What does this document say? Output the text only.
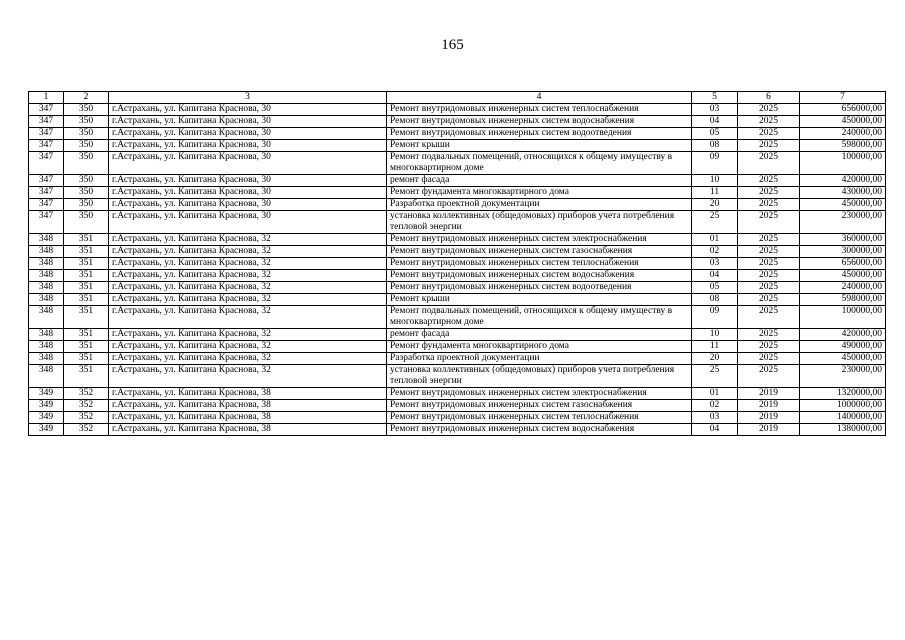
165
1	2	3	4	5	6	7
347	350	г.Астрахань, ул. Капитана Краснова, 30	Ремонт внутридомовых инженерных систем теплоснабжения	03	2025	656000,00
347	350	г.Астрахань, ул. Капитана Краснова, 30	Ремонт внутридомовых инженерных систем водоснабжения	04	2025	450000,00
347	350	г.Астрахань, ул. Капитана Краснова, 30	Ремонт внутридомовых инженерных систем водоотведения	05	2025	240000,00
347	350	г.Астрахань, ул. Капитана Краснова, 30	Ремонт крыши	08	2025	598000,00
347	350	г.Астрахань, ул. Капитана Краснова, 30	Ремонт подвальных помещений, относящихся к общему имуществу в многоквартирном доме	09	2025	100000,00
347	350	г.Астрахань, ул. Капитана Краснова, 30	ремонт фасада	10	2025	420000,00
347	350	г.Астрахань, ул. Капитана Краснова, 30	Ремонт фундамента многоквартирного дома	11	2025	430000,00
347	350	г.Астрахань, ул. Капитана Краснова, 30	Разработка проектной документации	20	2025	450000,00
347	350	г.Астрахань, ул. Капитана Краснова, 30	установка коллективных (общедомовых) приборов учета потребления тепловой энергии	25	2025	230000,00
348	351	г.Астрахань, ул. Капитана Краснова, 32	Ремонт внутридомовых инженерных систем электроснабжения	01	2025	360000,00
348	351	г.Астрахань, ул. Капитана Краснова, 32	Ремонт внутридомовых инженерных систем газоснабжения	02	2025	300000,00
348	351	г.Астрахань, ул. Капитана Краснова, 32	Ремонт внутридомовых инженерных систем теплоснабжения	03	2025	656000,00
348	351	г.Астрахань, ул. Капитана Краснова, 32	Ремонт внутридомовых инженерных систем водоснабжения	04	2025	450000,00
348	351	г.Астрахань, ул. Капитана Краснова, 32	Ремонт внутридомовых инженерных систем водоотведения	05	2025	240000,00
348	351	г.Астрахань, ул. Капитана Краснова, 32	Ремонт крыши	08	2025	598000,00
348	351	г.Астрахань, ул. Капитана Краснова, 32	Ремонт подвальных помещений, относящихся к общему имуществу в многоквартирном доме	09	2025	100000,00
348	351	г.Астрахань, ул. Капитана Краснова, 32	ремонт фасада	10	2025	420000,00
348	351	г.Астрахань, ул. Капитана Краснова, 32	Ремонт фундамента многоквартирного дома	11	2025	490000,00
348	351	г.Астрахань, ул. Капитана Краснова, 32	Разработка проектной документации	20	2025	450000,00
348	351	г.Астрахань, ул. Капитана Краснова, 32	установка коллективных (общедомовых) приборов учета потребления тепловой энергии	25	2025	230000,00
349	352	г.Астрахань, ул. Капитана Краснова, 38	Ремонт внутридомовых инженерных систем электроснабжения	01	2019	1320000,00
349	352	г.Астрахань, ул. Капитана Краснова, 38	Ремонт внутридомовых инженерных систем газоснабжения	02	2019	1000000,00
349	352	г.Астрахань, ул. Капитана Краснова, 38	Ремонт внутридомовых инженерных систем теплоснабжения	03	2019	1400000,00
349	352	г.Астрахань, ул. Капитана Краснова, 38	Ремонт внутридомовых инженерных систем водоснабжения	04	2019	1380000,00
